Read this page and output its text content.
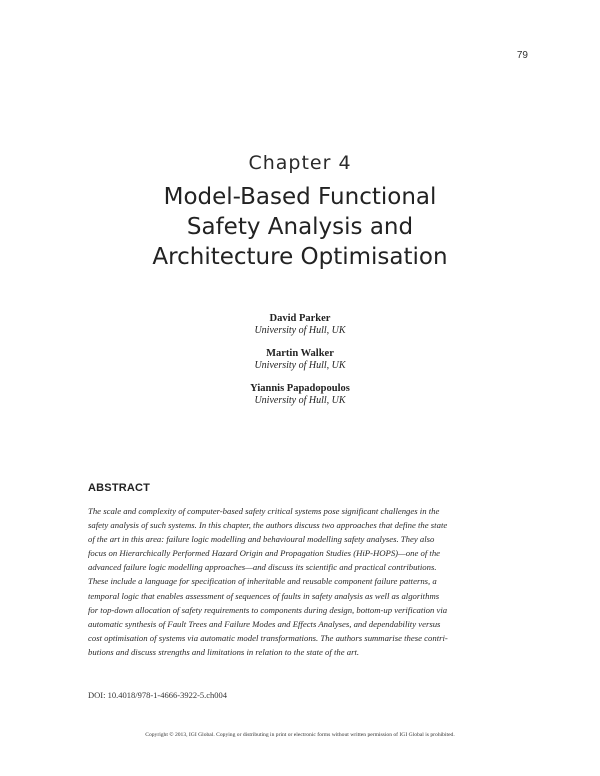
79
Chapter 4
Model-Based Functional
Safety Analysis and
Architecture Optimisation
David Parker
University of Hull, UK
Martin Walker
University of Hull, UK
Yiannis Papadopoulos
University of Hull, UK
ABSTRACT
The scale and complexity of computer-based safety critical systems pose significant challenges in the
safety analysis of such systems. In this chapter, the authors discuss two approaches that define the state
of the art in this area: failure logic modelling and behavioural modelling safety analyses. They also
focus on Hierarchically Performed Hazard Origin and Propagation Studies (HiP-HOPS)—one of the
advanced failure logic modelling approaches—and discuss its scientific and practical contributions.
These include a language for specification of inheritable and reusable component failure patterns, a
temporal logic that enables assessment of sequences of faults in safety analysis as well as algorithms
for top-down allocation of safety requirements to components during design, bottom-up verification via
automatic synthesis of Fault Trees and Failure Modes and Effects Analyses, and dependability versus
cost optimisation of systems via automatic model transformations. The authors summarise these contri-
butions and discuss strengths and limitations in relation to the state of the art.
DOI: 10.4018/978-1-4666-3922-5.ch004
Copyright © 2013, IGI Global. Copying or distributing in print or electronic forms without written permission of IGI Global is prohibited.
